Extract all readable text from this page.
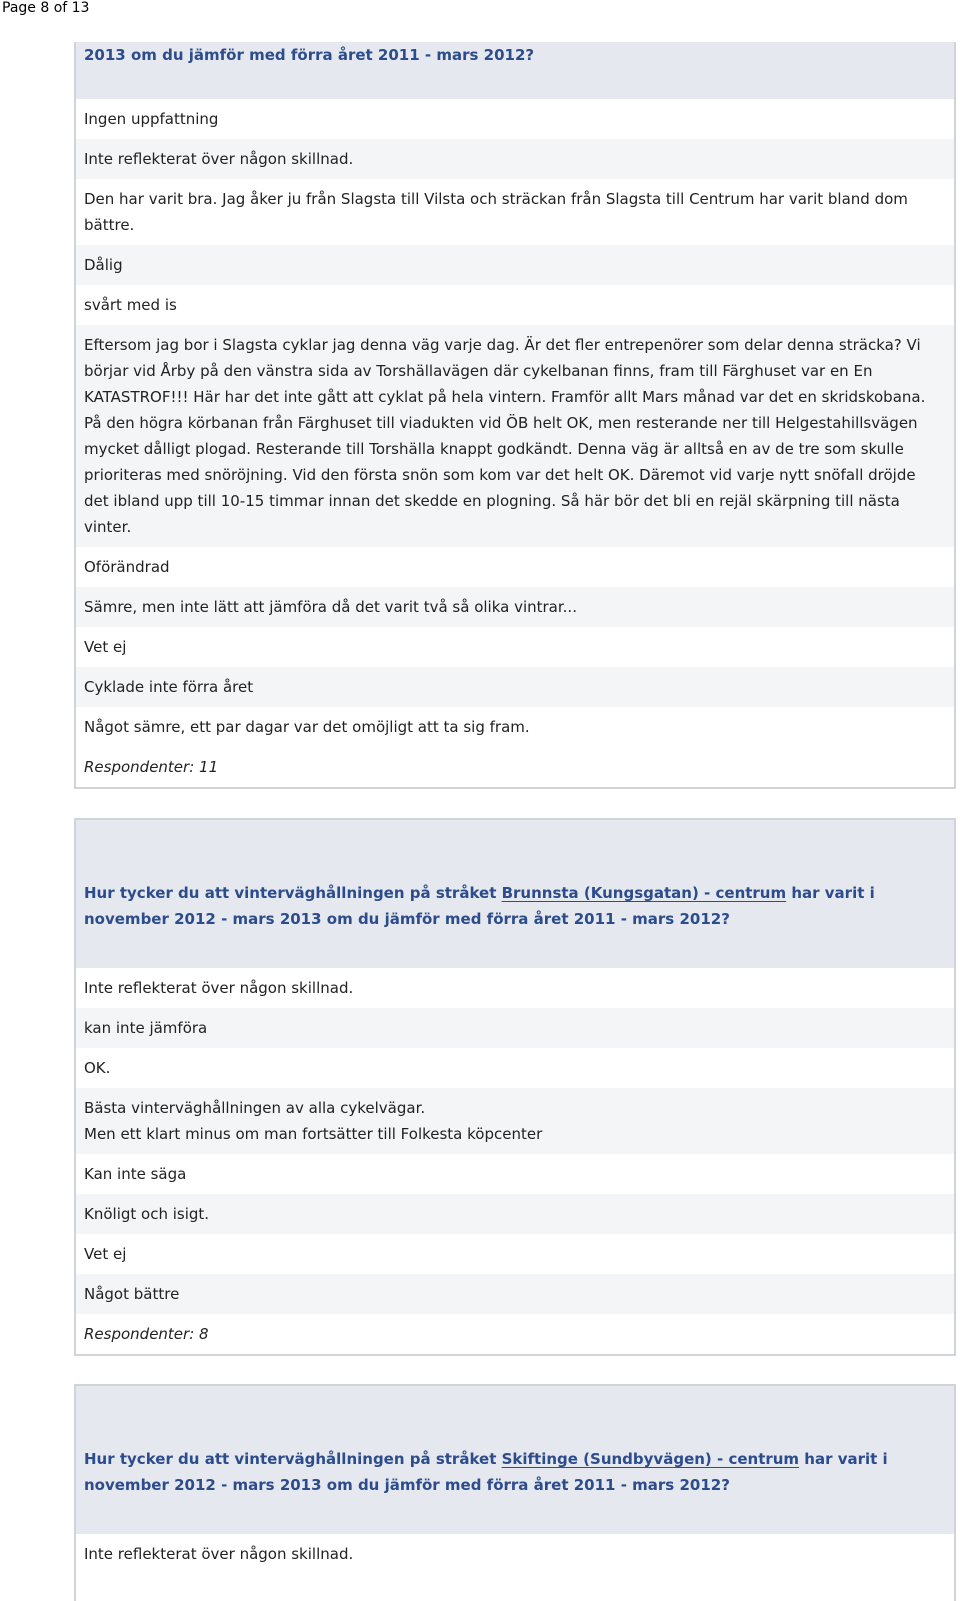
Page 8 of 13
2013 om du jämför med förra året 2011 - mars 2012?
Ingen uppfattning
Inte reflekterat över någon skillnad.
Den har varit bra. Jag åker ju från Slagsta till Vilsta och sträckan från Slagsta till Centrum har varit bland dom bättre.
Dålig
svårt med is
Eftersom jag bor i Slagsta cyklar jag denna väg varje dag. Är det fler entrepenörer som delar denna sträcka? Vi börjar vid Årby på den vänstra sida av Torshällavägen där cykelbanan finns, fram till Färghuset var en En KATASTROF!!! Här har det inte gått att cyklat på hela vintern. Framför allt Mars månad var det en skridskobana. På den högra körbanan från Färghuset till viadukten vid ÖB helt OK, men resterande ner till Helgestahillsvägen mycket dålligt plogad. Resterande till Torshälla knappt godkändt. Denna väg är alltså en av de tre som skulle prioriteras med snöröjning. Vid den första snön som kom var det helt OK. Däremot vid varje nytt snöfall dröjde det ibland upp till 10-15 timmar innan det skedde en plogning. Så här bör det bli en rejäl skärpning till nästa vinter.
Oförändrad
Sämre, men inte lätt att jämföra då det varit två så olika vintrar...
Vet ej
Cyklade inte förra året
Något sämre, ett par dagar var det omöjligt att ta sig fram.
Respondenter: 11
Hur tycker du att vinterväghållningen på stråket Brunnsta (Kungsgatan) - centrum har varit i november 2012 - mars 2013 om du jämför med förra året 2011 - mars 2012?
Inte reflekterat över någon skillnad.
kan inte jämföra
OK.
Bästa vinterväghållningen av alla cykelvägar.
Men ett klart minus om man fortsätter till Folkesta köpcenter
Kan inte säga
Knöligt och isigt.
Vet ej
Något bättre
Respondenter: 8
Hur tycker du att vinterväghållningen på stråket Skiftinge (Sundbyvägen) - centrum har varit i november 2012 - mars 2013 om du jämför med förra året 2011 - mars 2012?
Inte reflekterat över någon skillnad.
